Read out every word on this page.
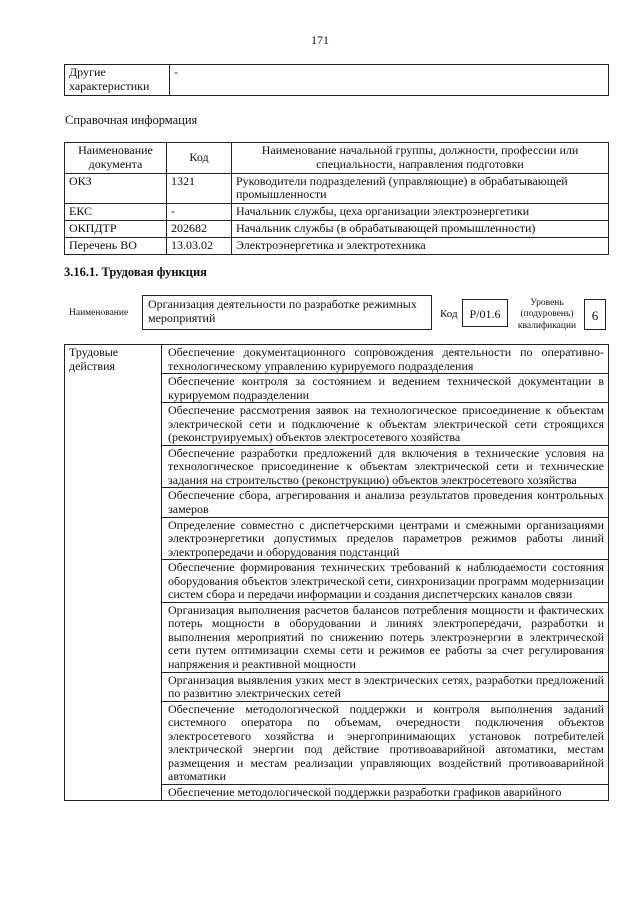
171
Другие характеристики	-
Справочная информация
Наименование документа	Код	Наименование начальной группы, должности, профессии или специальности, направления подготовки
ОКЗ	1321	Руководители подразделений (управляющие) в обрабатывающей промышленности
ЕКС	-	Начальник службы, цеха организации электроэнергетики
ОКПДТР	202682	Начальник службы (в обрабатывающей промышленности)
Перечень ВО	13.03.02	Электроэнергетика и электротехника
3.16.1. Трудовая функция
Наименование
Организация деятельности по разработке режимных мероприятий	Код Р/01.6
Уровень (подуровень) квалификации
6
Трудовые действия	Обеспечение документационного сопровождения деятельности по оперативно-технологическому управлению курируемого подразделения
Обеспечение контроля за состоянием и ведением технической документации в курируемом подразделении
Обеспечение рассмотрения заявок на технологическое присоединение к объектам электрической сети и подключение к объектам электрической сети строящихся (реконструируемых) объектов электросетевого хозяйства
Обеспечение разработки предложений для включения в технические условия на технологическое присоединение к объектам электрической сети и технические задания на строительство (реконструкцию) объектов электросетевого хозяйства
Обеспечение сбора, агрегирования и анализа результатов проведения контрольных замеров
Определение совместно с диспетчерскими центрами и смежными организациями электроэнергетики допустимых пределов параметров режимов работы линий электропередачи и оборудования подстанций
Обеспечение формирования технических требований к наблюдаемости состояния оборудования объектов электрической сети, синхронизации программ модернизации систем сбора и передачи информации и создания диспетчерских каналов связи
Организация выполнения расчетов балансов потребления мощности и фактических потерь мощности в оборудовании и линиях электропередачи, разработки и выполнения мероприятий по снижению потерь электроэнергии в электрической сети путем оптимизации схемы сети и режимов ее работы за счет регулирования напряжения и реактивной мощности
Организация выявления узких мест в электрических сетях, разработки предложений по развитию электрических сетей
Обеспечение методологической поддержки и контроля выполнения заданий системного оператора по объемам, очередности подключения объектов электросетевого хозяйства и энергопринимающих установок потребителей электрической энергии под действие противоаварийной автоматики, местам размещения и местам реализации управляющих воздействий противоаварийной автоматики
Обеспечение методологической поддержки разработки графиков аварийного
